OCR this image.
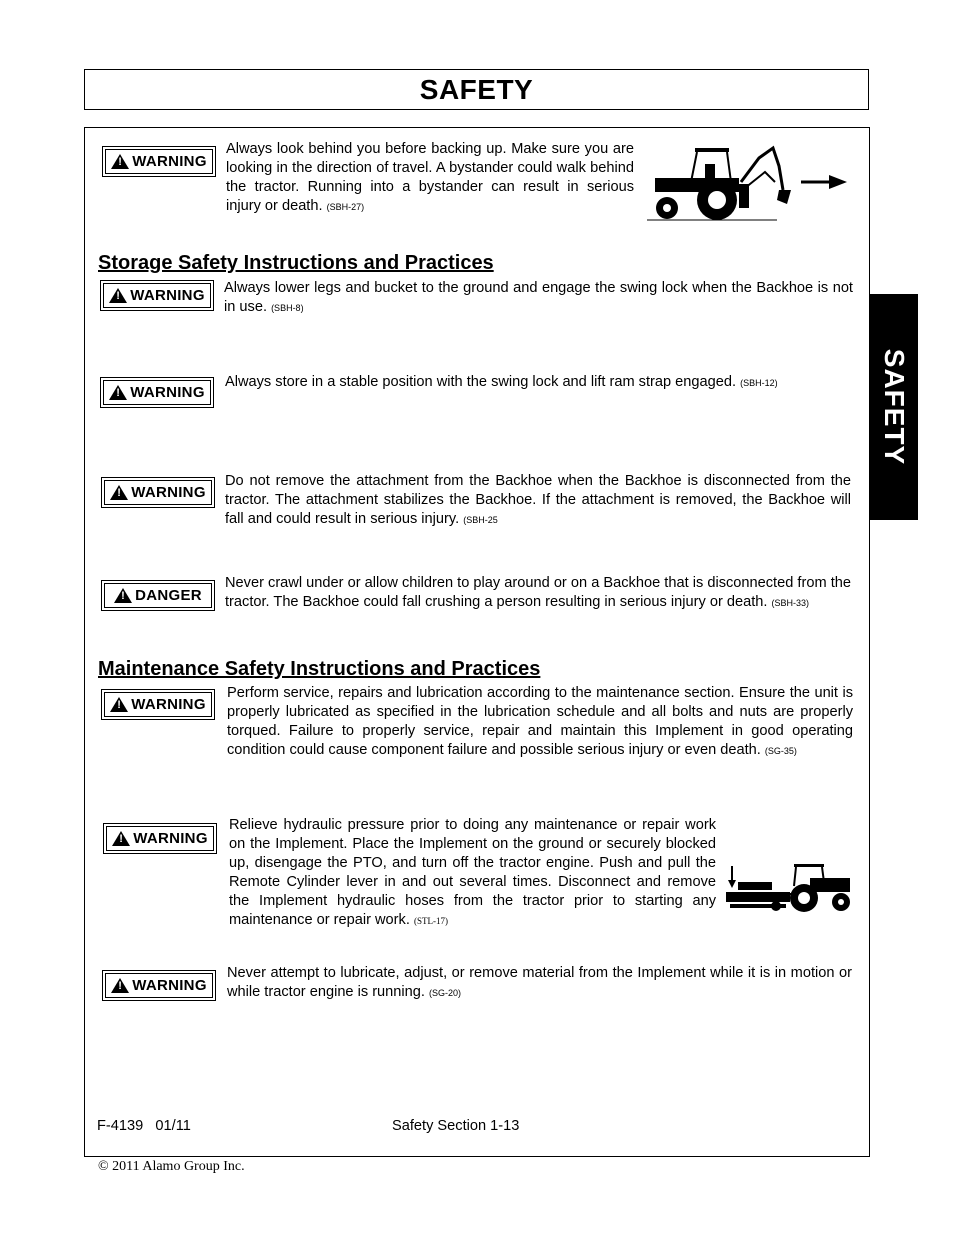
SAFETY
SAFETY
!
WARNING
Always look behind you before backing up. Make sure you are looking in the direction of travel. A bystander could walk behind the tractor. Running into a bystander can result in serious injury or death. (SBH-27)
Storage Safety Instructions and Practices
!
WARNING Always lower legs and bucket to the ground and engage the swing lock when the Backhoe is not in use. (SBH-8)
!
WARNING
Always store in a stable position with the swing lock and lift ram strap engaged. (SBH-12)
!
WARNING
Do not remove the attachment from the Backhoe when the Backhoe is disconnected from the tractor. The attachment stabilizes the Backhoe. If the attachment is removed, the Backhoe will fall and could result in serious injury. (SBH-25
!
DANGER
Never crawl under or allow children to play around or on a Backhoe that is disconnected from the tractor. The Backhoe could fall crushing a person resulting in serious injury or death. (SBH-33)
Maintenance Safety Instructions and Practices
!
WARNING
Perform service, repairs and lubrication according to the maintenance section. Ensure the unit is properly lubricated as specified in the lubrication schedule and all bolts and nuts are properly torqued. Failure to properly service, repair and maintain this Implement in good operating condition could cause component failure and possible serious injury or even death. (SG-35)
!
WARNING
Relieve hydraulic pressure prior to doing any maintenance or repair work on the Implement. Place the Implement on the ground or securely blocked up, disengage the PTO, and turn off the tractor engine. Push and pull the Remote Cylinder lever in and out several times. Disconnect and remove the Implement hydraulic hoses from the tractor prior to starting any maintenance or repair work. (STL-17)
!
WARNING
Never attempt to lubricate, adjust, or remove material from the Implement while it is in motion or while tractor engine is running. (SG-20)
F-4139   01/11	Safety Section 1-13
© 2011 Alamo Group Inc.
